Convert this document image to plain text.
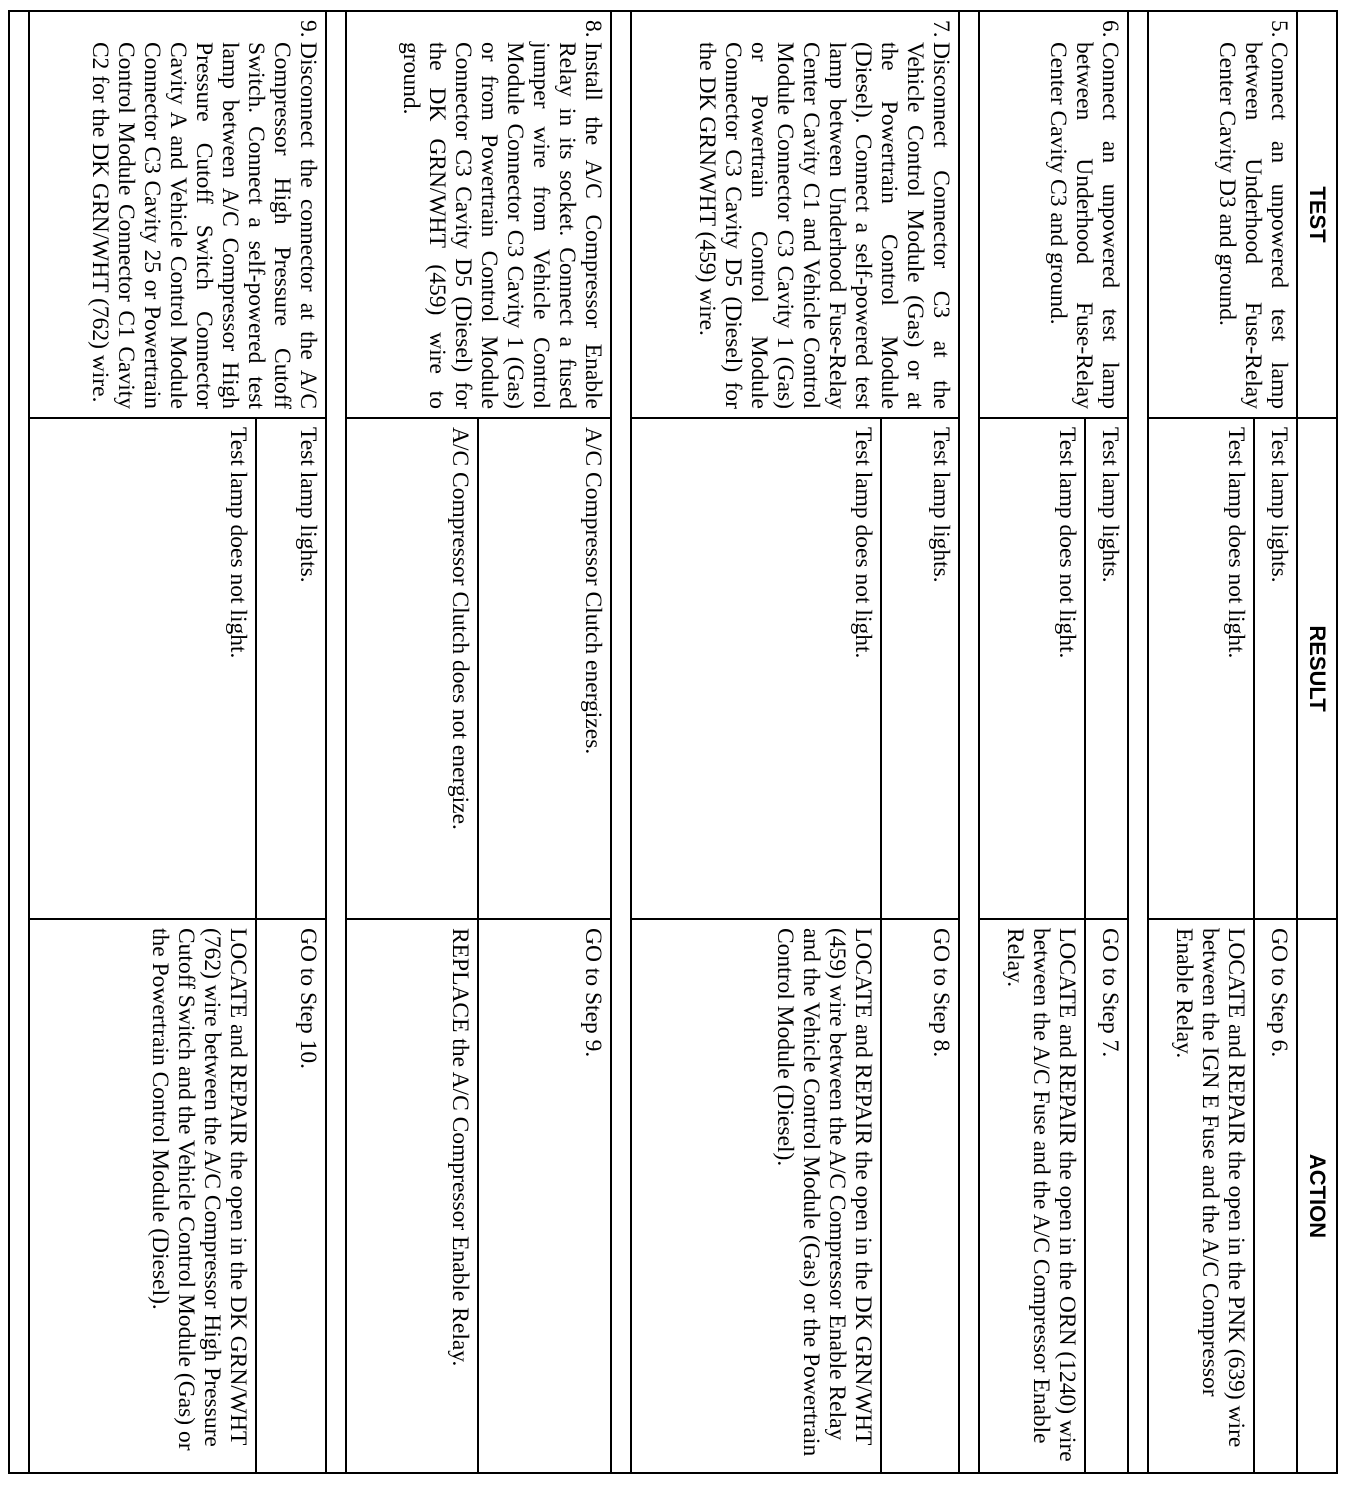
TEST	RESULT	ACTION

5.
Connect an unpowered test lamp between Underhood Fuse-Relay Center Cavity D3 and ground.	Test lamp lights.	GO to Step 6.
	Test lamp does not light.	LOCATE and REPAIR the open in the PNK (639) wire between the IGN E Fuse and the A/C Compressor Enable Relay.

6.
Connect an unpowered test lamp between Underhood Fuse-Relay Center Cavity C3 and ground.	Test lamp lights.	GO to Step 7.
	Test lamp does not light.	LOCATE and REPAIR the open in the ORN (1240) wire between the A/C Fuse and the A/C Compressor Enable Relay.

7.
Disconnect Connector C3 at the Vehicle Control Module (Gas) or at the Powertrain Control Module (Diesel). Connect a self-powered test lamp between Underhood Fuse-Relay Center Cavity C1 and Vehicle Control Module Connector C3 Cavity 1 (Gas) or Powertrain Control Module Connector C3 Cavity D5 (Diesel) for the DK GRN/WHT (459) wire.	Test lamp lights.	GO to Step 8.
	Test lamp does not light.	LOCATE and REPAIR the open in the DK GRN/WHT (459) wire between the A/C Compressor Enable Relay and the Vehicle Control Module (Gas) or the Powertrain Control Module (Diesel).

8.
Install the A/C Compressor Enable Relay in its socket. Connect a fused jumper wire from Vehicle Control Module Connector C3 Cavity 1 (Gas) or from Powertrain Control Module Connector C3 Cavity D5 (Diesel) for the DK GRN/WHT (459) wire to ground.	A/C Compressor Clutch energizes.	GO to Step 9.
	A/C Compressor Clutch does not energize.	REPLACE the A/C Compressor Enable Relay.

9.
Disconnect the connector at the A/C Compressor High Pressure Cutoff Switch. Connect a self-powered test lamp between A/C Compressor High Pressure Cutoff Switch Connector Cavity A and Vehicle Control Module Connector C3 Cavity 25 or Powertrain Control Module Connector C1 Cavity C2 for the DK GRN/WHT (762) wire.	Test lamp lights.	GO to Step 10.
	Test lamp does not light.	LOCATE and REPAIR the open in the DK GRN/WHT (762) wire between the A/C Compressor High Pressure Cutoff Switch and the Vehicle Control Module (Gas) or the Powertrain Control Module (Diesel).
